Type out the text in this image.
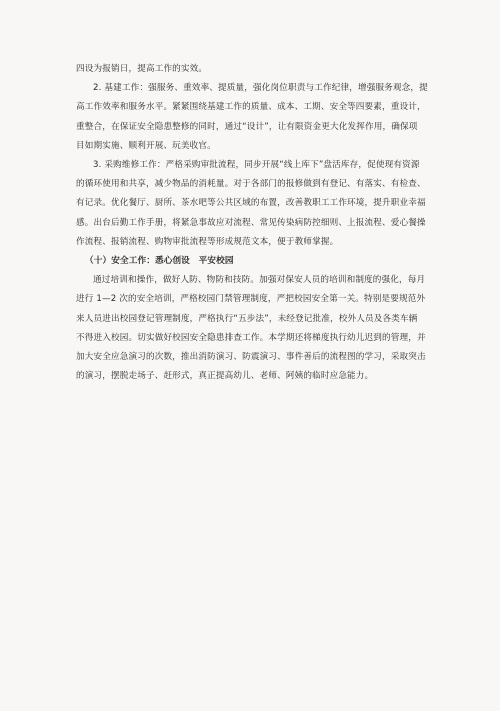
四设为报销日，提高工作的实效。

2. 基建工作：强服务、重效率、提质量，强化岗位职责与工作纪律，增强服务观念，提
高工作效率和服务水平。紧紧围绕基建工作的质量、成本、工期、安全等四要素，重设计，
重整合，在保证安全隐患整修的同时，通过“设计”，让有限资金更大化发挥作用，确保项
目如期实施、顺利开展、玩美收官。

3. 采购维修工作：严格采购审批流程，同步开展“线上库下”盘活库存，促使现有资源
的循环使用和共享，减少物品的消耗量。对于各部门的报修做到有登记、有落实、有检查、
有记录。优化餐厅、厨所、茶水吧等公共区域的布置，改善教职工工作环境，提升职业幸福
感。出台后勤工作手册，将紧急事故应对流程、常见传染病防控细则、上报流程、爱心餐操
作流程、报销流程、购物审批流程等形成规范文本，便于教师掌握。

（十）安全工作：悉心创设　平安校园

通过培训和操作，做好人防、物防和技防。加强对保安人员的培训和制度的强化，每月
进行 1—2 次的安全培训，严格校园门禁管理制度，严把校园安全第一关。特别是要规范外
来人员进出校园登记管理制度，严格执行“五步法”，未经登记批准，校外人员及各类车辆
不得进入校园。切实做好校园安全隐患排查工作。本学期还将梯度执行幼儿迟到的管理，并
加大安全应急演习的次数，推出消防演习、防震演习、事件善后的流程图的学习，采取突击
的演习，摆脱走场子、赶形式，真正提高幼儿、老师、阿姨的临时应急能力。
